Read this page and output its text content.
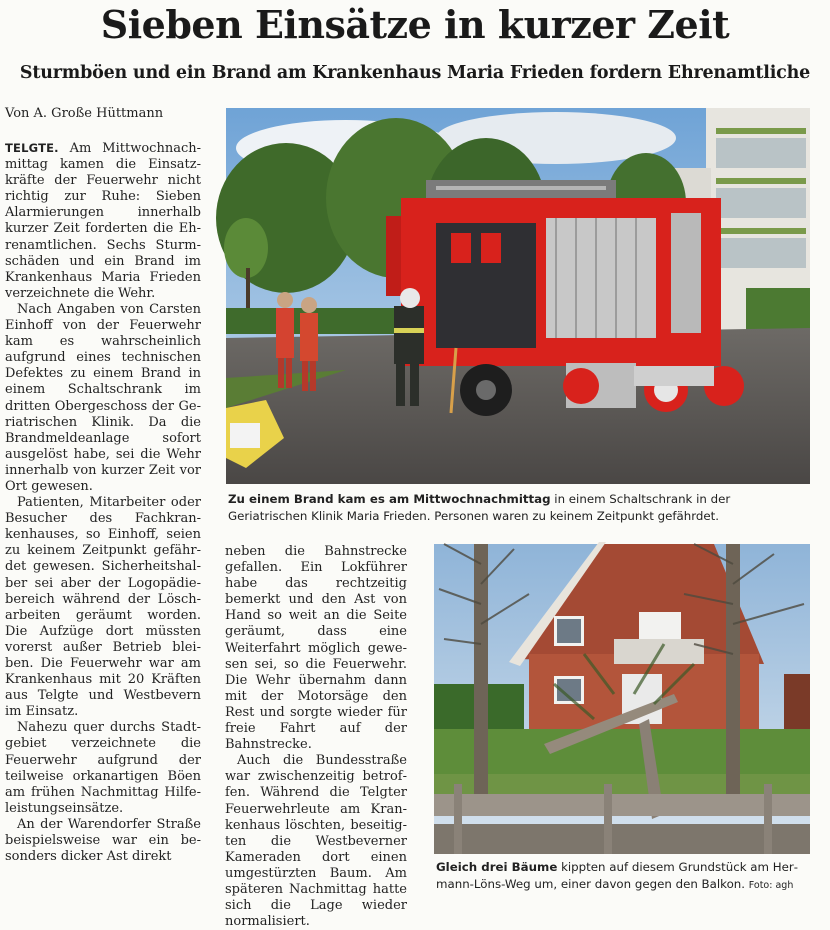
Sieben Einsätze in kurzer Zeit
Sturmböen und ein Brand am Krankenhaus Maria Frieden fordern Ehrenamtliche
Von A. Große Hüttmann

TELGTE. Am Mittwochnachmittag kamen die Einsatzkräfte der Feuerwehr nicht richtig zur Ruhe: Sieben Alarmierungen innerhalb kurzer Zeit forderten die Ehrenamtlichen. Sechs Sturmschäden und ein Brand im Krankenhaus Maria Frieden verzeichnete die Wehr.

Nach Angaben von Carsten Einhoff von der Feuerwehr kam es wahrscheinlich aufgrund eines technischen Defektes zu einem Brand in einem Schaltschrank im dritten Obergeschoss der Geriatrischen Klinik. Da die Brandmeldeanlage sofort ausgelöst habe, sei die Wehr innerhalb von kurzer Zeit vor Ort gewesen.

Patienten, Mitarbeiter oder Besucher des Fachkrankenhauses, so Einhoff, seien zu keinem Zeitpunkt gefährdet gewesen. Sicherheitshalber sei aber der Logopädiebereich während der Löscharbeiten geräumt worden. Die Aufzüge dort müssten vorerst außer Betrieb bleiben. Die Feuerwehr war am Krankenhaus mit 20 Kräften aus Telgte und Westbevern im Einsatz.

Nahezu quer durchs Stadtgebiet verzeichnete die Feuerwehr aufgrund der teilweise orkanartigen Böen am frühen Nachmittag Hilfeleistungseinsätze.

An der Warendorfer Straße beispielsweise war ein besonders dicker Ast direkt

neben die Bahnstrecke gefallen. Ein Lokführer habe das rechtzeitig bemerkt und den Ast von Hand so weit an die Seite geräumt, dass eine Weiterfahrt möglich gewesen sei, so die Feuerwehr. Die Wehr übernahm dann mit der Motorsäge den Rest und sorgte wieder für freie Fahrt auf der Bahnstrecke.

Auch die Bundesstraße war zwischenzeitig betroffen. Während die Telgter Feuerwehrleute am Krankenhaus löschten, beseitigten die Westbeverner Kameraden dort einen umgestürzten Baum. Am späteren Nachmittag hatte sich die Lage wieder normalisiert.

Zu einem Brand kam es am Mittwochnachmittag in einem Schaltschrank in der Geriatrischen Klinik Maria Frieden. Personen waren zu keinem Zeitpunkt gefährdet.
Gleich drei Bäume kippten auf diesem Grundstück am Hermann-Löns-Weg um, einer davon gegen den Balkon. Foto: agh
